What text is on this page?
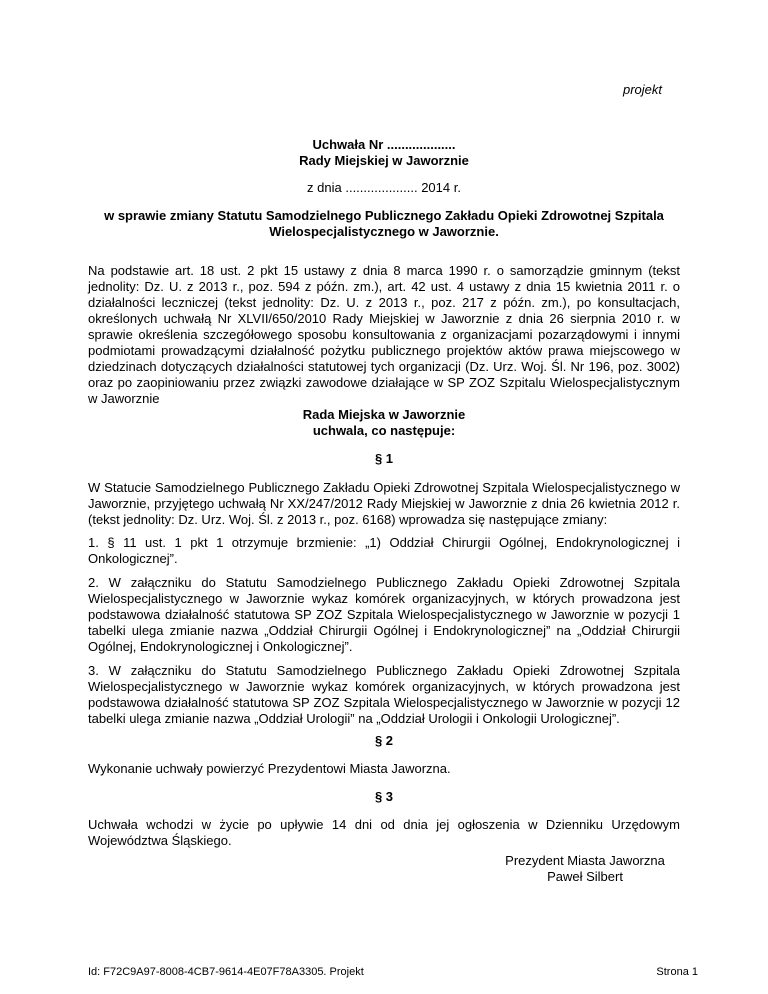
projekt
Uchwała Nr ...................
Rady Miejskiej w Jaworznie
z dnia .................... 2014 r.
w sprawie zmiany Statutu Samodzielnego Publicznego Zakładu Opieki Zdrowotnej Szpitala
Wielospecjalistycznego w Jaworznie.

Na podstawie art. 18 ust. 2 pkt 15 ustawy z dnia 8 marca 1990 r. o samorządzie gminnym (tekst jednolity: Dz. U. z 2013 r., poz. 594 z późn. zm.), art. 42 ust. 4 ustawy z dnia 15 kwietnia 2011 r. o działalności leczniczej (tekst jednolity: Dz. U. z 2013 r., poz. 217 z późn. zm.), po konsultacjach, określonych uchwałą Nr XLVII/650/2010 Rady Miejskiej w Jaworznie z dnia 26 sierpnia 2010 r. w sprawie określenia szczegółowego sposobu konsultowania z organizacjami pozarządowymi i innymi podmiotami prowadzącymi działalność pożytku publicznego projektów aktów prawa miejscowego w dziedzinach dotyczących działalności statutowej tych organizacji (Dz. Urz. Woj. Śl. Nr 196, poz. 3002) oraz po zaopiniowaniu przez związki zawodowe działające w SP ZOZ Szpitalu Wielospecjalistycznym w Jaworznie

Rada Miejska w Jaworznie
uchwala, co następuje:
§ 1

W Statucie Samodzielnego Publicznego Zakładu Opieki Zdrowotnej Szpitala Wielospecjalistycznego w Jaworznie, przyjętego uchwałą Nr XX/247/2012 Rady Miejskiej w Jaworznie z dnia 26 kwietnia 2012 r. (tekst jednolity: Dz. Urz. Woj. Śl. z 2013 r., poz. 6168) wprowadza się następujące zmiany:

1. § 11 ust. 1 pkt 1 otrzymuje brzmienie: „1) Oddział Chirurgii Ogólnej, Endokrynologicznej i Onkologicznej”.

2. W załączniku do Statutu Samodzielnego Publicznego Zakładu Opieki Zdrowotnej Szpitala Wielospecjalistycznego w Jaworznie wykaz komórek organizacyjnych, w których prowadzona jest podstawowa działalność statutowa SP ZOZ Szpitala Wielospecjalistycznego w Jaworznie w pozycji 1 tabelki ulega zmianie nazwa „Oddział Chirurgii Ogólnej i Endokrynologicznej” na „Oddział Chirurgii Ogólnej, Endokrynologicznej i Onkologicznej”.

3. W załączniku do Statutu Samodzielnego Publicznego Zakładu Opieki Zdrowotnej Szpitala Wielospecjalistycznego w Jaworznie wykaz komórek organizacyjnych, w których prowadzona jest podstawowa działalność statutowa SP ZOZ Szpitala Wielospecjalistycznego w Jaworznie w pozycji 12 tabelki ulega zmianie nazwa „Oddział Urologii” na „Oddział Urologii i Onkologii Urologicznej”.

§ 2

Wykonanie uchwały powierzyć Prezydentowi Miasta Jaworzna.

§ 3

Uchwała wchodzi w życie po upływie 14 dni od dnia jej ogłoszenia w Dzienniku Urzędowym Województwa Śląskiego.

Prezydent Miasta Jaworzna
Paweł Silbert
Id: F72C9A97-8008-4CB7-9614-4E07F78A3305. Projekt	Strona 1
